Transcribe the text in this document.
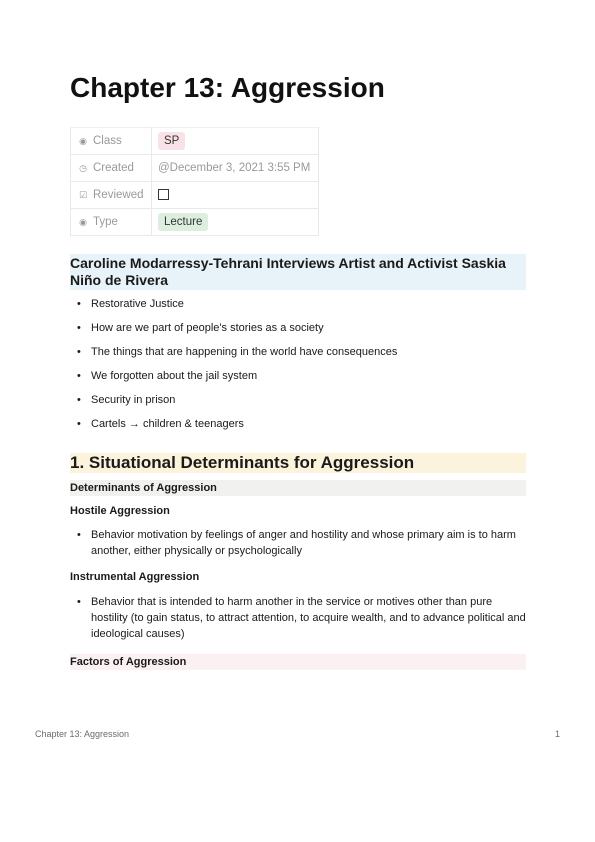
Chapter 13: Aggression
◉ Class	SP
◷ Created	@December 3, 2021 3:55 PM
☑ Reviewed	
◉ Type	Lecture
Caroline Modarressy-Tehrani Interviews Artist and Activist Saskia Niño de Rivera
• Restorative Justice
• How are we part of people's stories as a society
• The things that are happening in the world have consequences
• We forgotten about the jail system
• Security in prison
• Cartels → children & teenagers
1. Situational Determinants for Aggression
Determinants of Aggression
Hostile Aggression
• Behavior motivation by feelings of anger and hostility and whose primary aim is to harm another, either physically or psychologically
Instrumental Aggression
• Behavior that is intended to harm another in the service or motives other than pure hostility (to gain status, to attract attention, to acquire wealth, and to advance political and ideological causes)
Factors of Aggression
Chapter 13: Aggression	1
